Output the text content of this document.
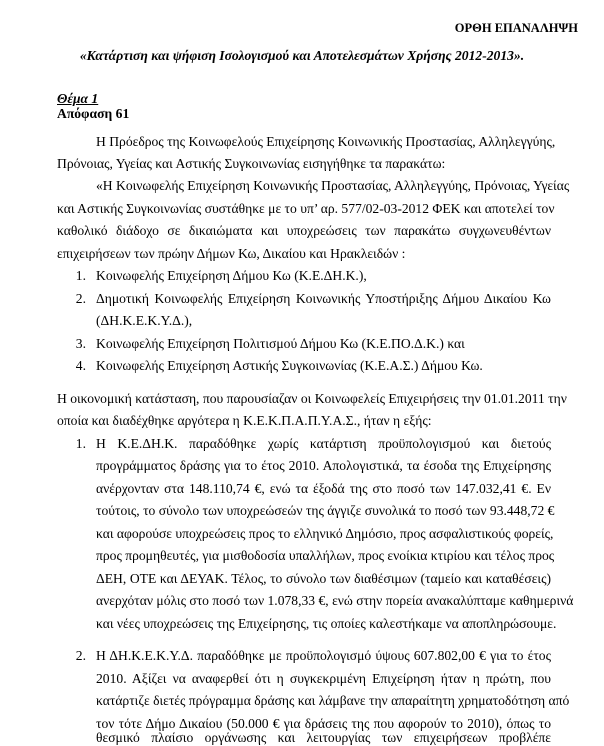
ΟΡΘΗ ΕΠΑΝΑΛΗΨΗ
«Κατάρτιση και ψήφιση Ισολογισμού και Αποτελεσμάτων Χρήσης 2012-2013».
Θέμα 1
Απόφαση 61
Η Πρόεδρος της Κοινωφελούς Επιχείρησης Κοινωνικής Προστασίας, Αλληλεγγύης,
Πρόνοιας, Υγείας και Αστικής Συγκοινωνίας εισηγήθηκε τα παρακάτω:
«Η Κοινωφελής Επιχείρηση Κοινωνικής Προστασίας, Αλληλεγγύης, Πρόνοιας, Υγείας
και Αστικής Συγκοινωνίας συστάθηκε με το υπ’ αρ. 577/02-03-2012 ΦΕΚ και αποτελεί τον
καθολικό διάδοχο σε δικαιώματα και υποχρεώσεις των παρακάτω συγχωνευθέντων
επιχειρήσεων των πρώην Δήμων Κω, Δικαίου και Ηρακλειδών :
1. Κοινωφελής Επιχείρηση Δήμου Κω (Κ.Ε.ΔΗ.Κ.),
2. Δημοτική Κοινωφελής Επιχείρηση Κοινωνικής Υποστήριξης Δήμου Δικαίου Κω
(ΔΗ.Κ.Ε.Κ.Υ.Δ.),
3. Κοινωφελής Επιχείρηση Πολιτισμού Δήμου Κω (Κ.Ε.ΠΟ.Δ.Κ.) και
4. Κοινωφελής Επιχείρηση Αστικής Συγκοινωνίας (Κ.Ε.Α.Σ.) Δήμου Κω.
Η οικονομική κατάσταση, που παρουσίαζαν οι Κοινωφελείς Επιχειρήσεις την 01.01.2011 την
οποία και διαδέχθηκε αργότερα η Κ.Ε.Κ.Π.Α.Π.Υ.Α.Σ., ήταν η εξής:
1. Η Κ.Ε.ΔΗ.Κ. παραδόθηκε χωρίς κατάρτιση προϋπολογισμού και διετούς
προγράμματος δράσης για το έτος 2010. Απολογιστικά, τα έσοδα της Επιχείρησης
ανέρχονταν στα 148.110,74 €, ενώ τα έξοδά της στο ποσό των 147.032,41 €. Εν
τούτοις, το σύνολο των υποχρεώσεών της άγγιζε συνολικά το ποσό των 93.448,72 €
και αφορούσε υποχρεώσεις προς το ελληνικό Δημόσιο, προς ασφαλιστικούς φορείς,
προς προμηθευτές, για μισθοδοσία υπαλλήλων, προς ενοίκια κτιρίου και τέλος προς
ΔΕΗ, ΟΤΕ και ΔΕΥΑΚ. Τέλος, το σύνολο των διαθέσιμων (ταμείο και καταθέσεις)
ανερχόταν μόλις στο ποσό των 1.078,33 €, ενώ στην πορεία ανακαλύπταμε καθημερινά
και νέες υποχρεώσεις της Επιχείρησης, τις οποίες καλεστήκαμε να αποπληρώσουμε.
2. Η ΔΗ.Κ.Ε.Κ.Υ.Δ. παραδόθηκε με προϋπολογισμό ύψους 607.802,00 € για το έτος
2010. Αξίζει να αναφερθεί ότι η συγκεκριμένη Επιχείρηση ήταν η πρώτη, που
κατάρτιζε διετές πρόγραμμα δράσης και λάμβανε την απαραίτητη χρηματοδότηση από
τον τότε Δήμο Δικαίου (50.000 € για δράσεις της που αφορούν το 2010), όπως το
θεσμικό πλαίσιο οργάνωσης και λειτουργίας των επιχειρήσεων προβλέπε
